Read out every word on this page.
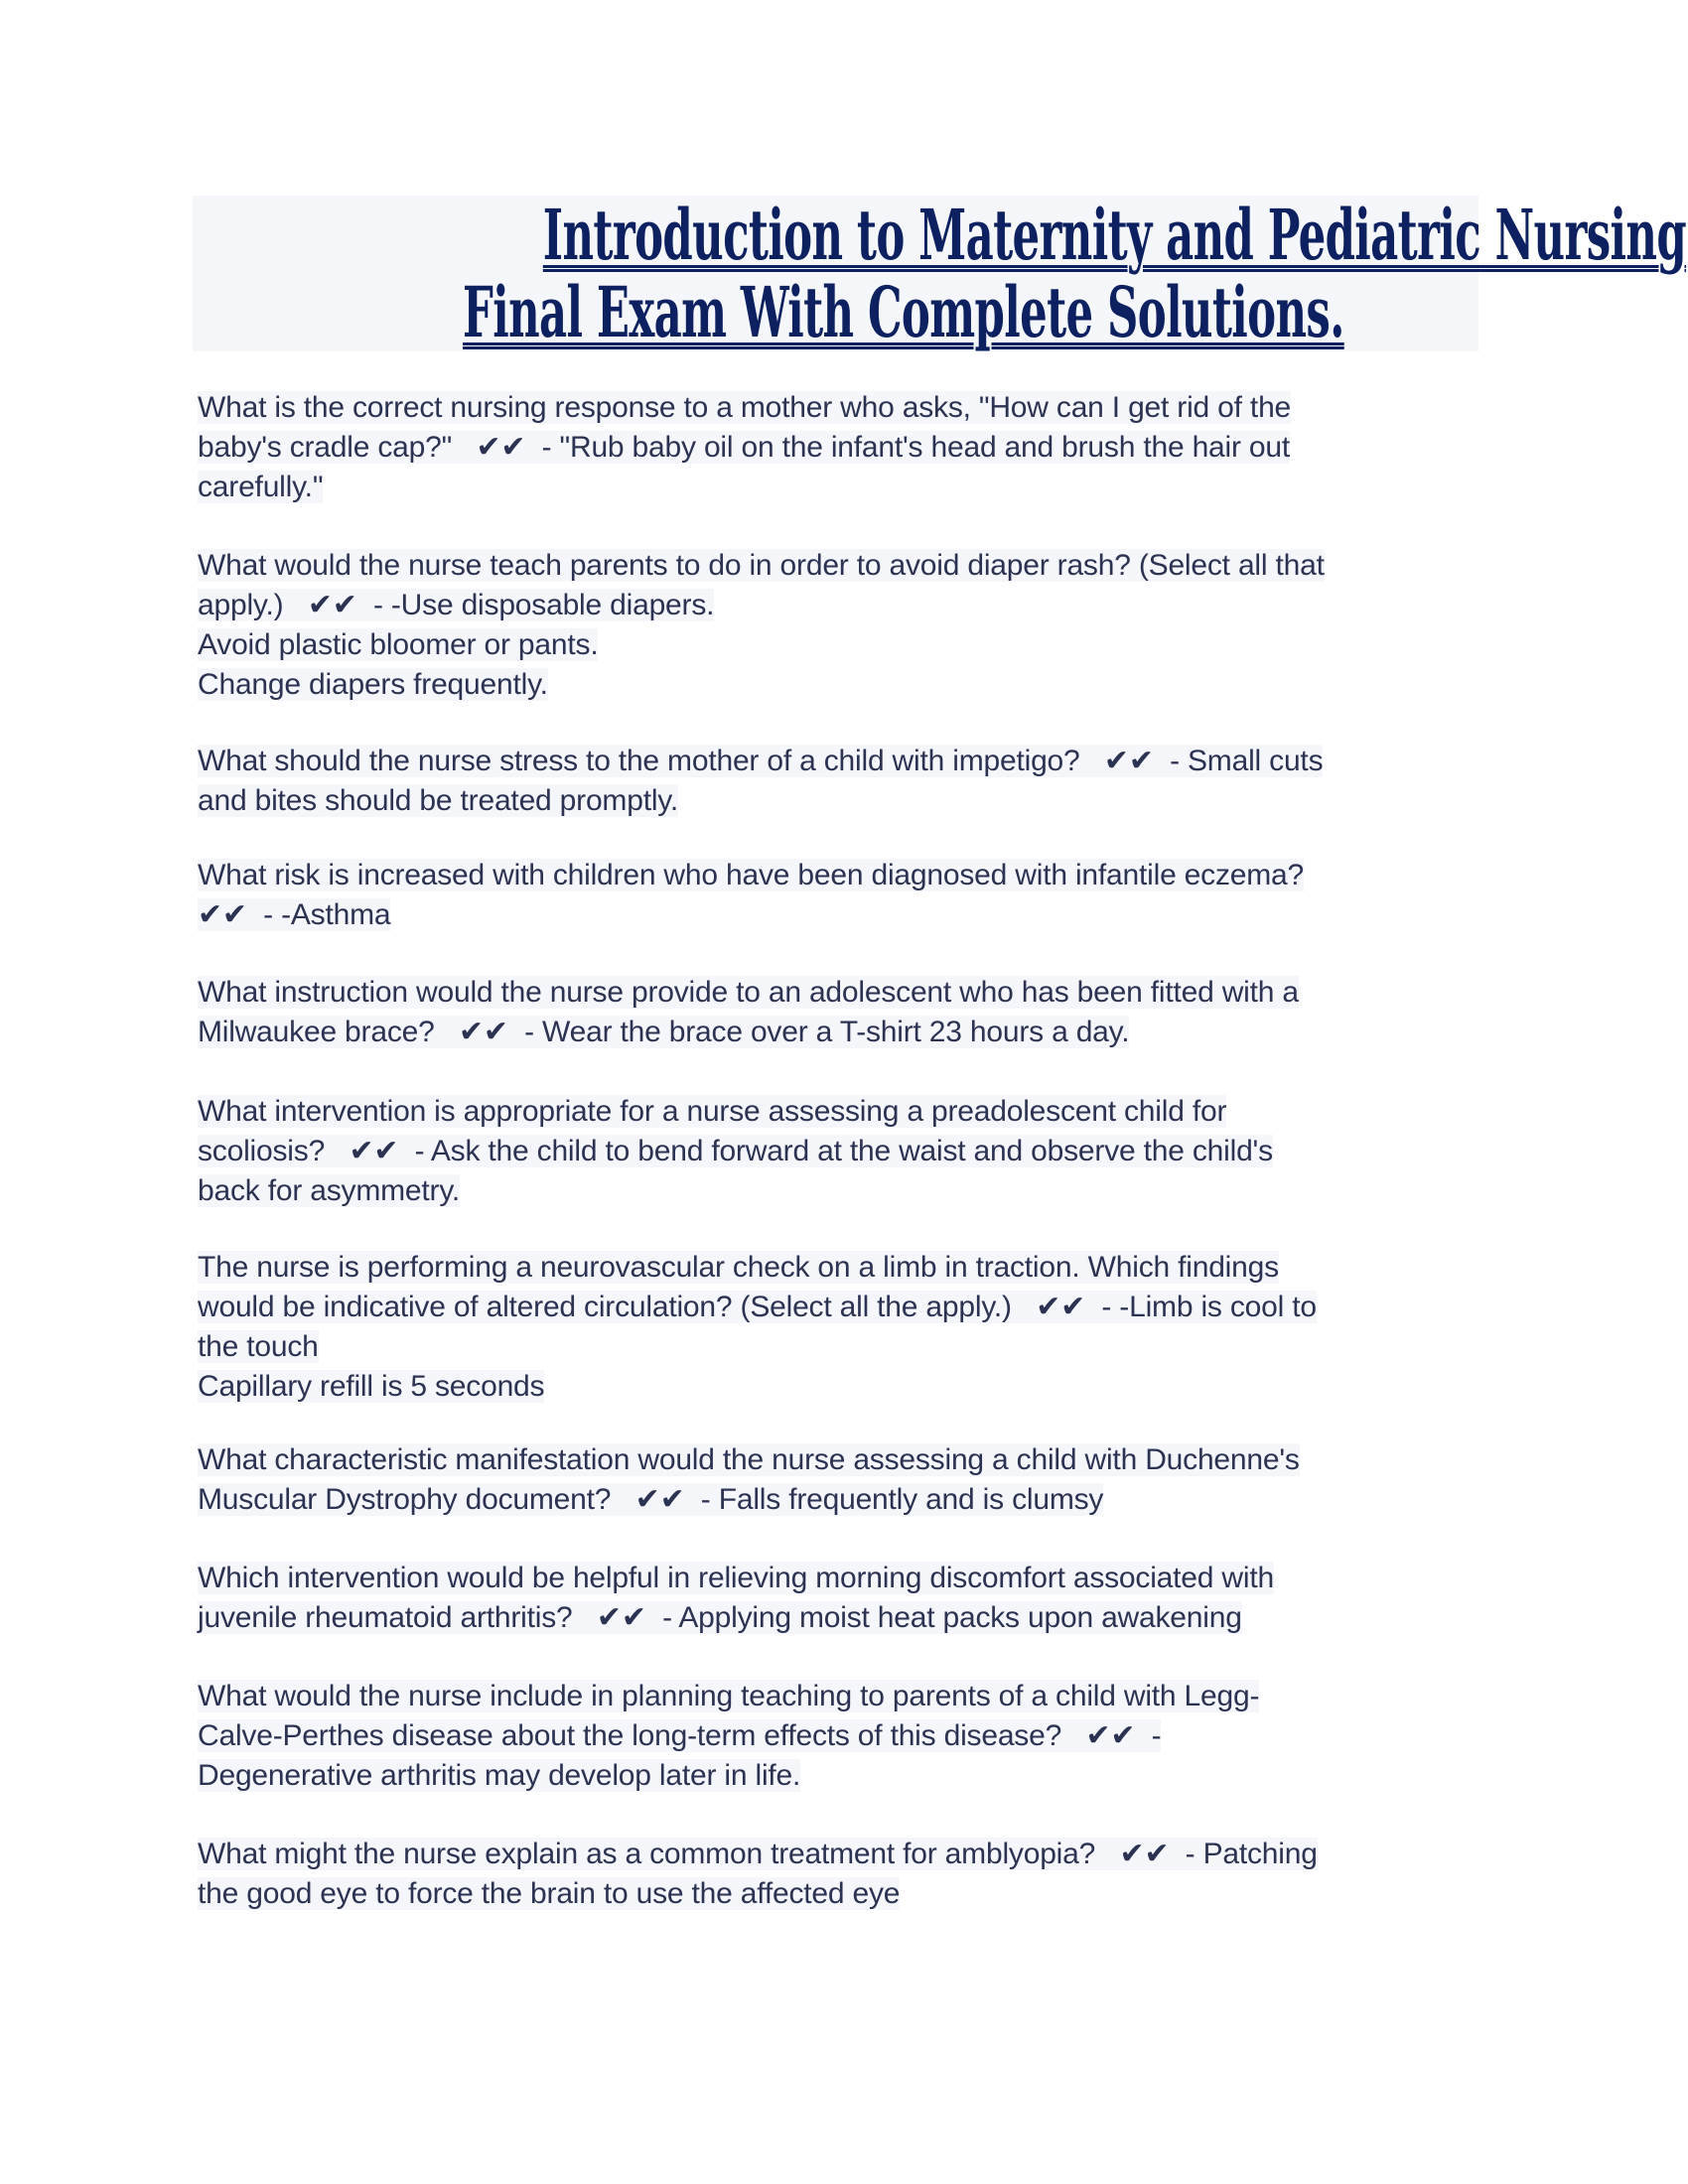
Introduction to Maternity and Pediatric Nursing
Final Exam With Complete Solutions.
What is the correct nursing response to a mother who asks, "How can I get rid of the
baby's cradle cap?"   ✔✔  - "Rub baby oil on the infant's head and brush the hair out
carefully."
What would the nurse teach parents to do in order to avoid diaper rash? (Select all that
apply.)   ✔✔  - -Use disposable diapers.
Avoid plastic bloomer or pants.
Change diapers frequently.
What should the nurse stress to the mother of a child with impetigo?   ✔✔  - Small cuts
and bites should be treated promptly.
What risk is increased with children who have been diagnosed with infantile eczema?
✔✔  - -Asthma
What instruction would the nurse provide to an adolescent who has been fitted with a
Milwaukee brace?   ✔✔  - Wear the brace over a T-shirt 23 hours a day.
What intervention is appropriate for a nurse assessing a preadolescent child for
scoliosis?   ✔✔  - Ask the child to bend forward at the waist and observe the child's
back for asymmetry.
The nurse is performing a neurovascular check on a limb in traction. Which findings
would be indicative of altered circulation? (Select all the apply.)   ✔✔  - -Limb is cool to
the touch
Capillary refill is 5 seconds
What characteristic manifestation would the nurse assessing a child with Duchenne's
Muscular Dystrophy document?   ✔✔  - Falls frequently and is clumsy
Which intervention would be helpful in relieving morning discomfort associated with
juvenile rheumatoid arthritis?   ✔✔  - Applying moist heat packs upon awakening
What would the nurse include in planning teaching to parents of a child with Legg-
Calve-Perthes disease about the long-term effects of this disease?   ✔✔  -
Degenerative arthritis may develop later in life.
What might the nurse explain as a common treatment for amblyopia?   ✔✔  - Patching
the good eye to force the brain to use the affected eye
